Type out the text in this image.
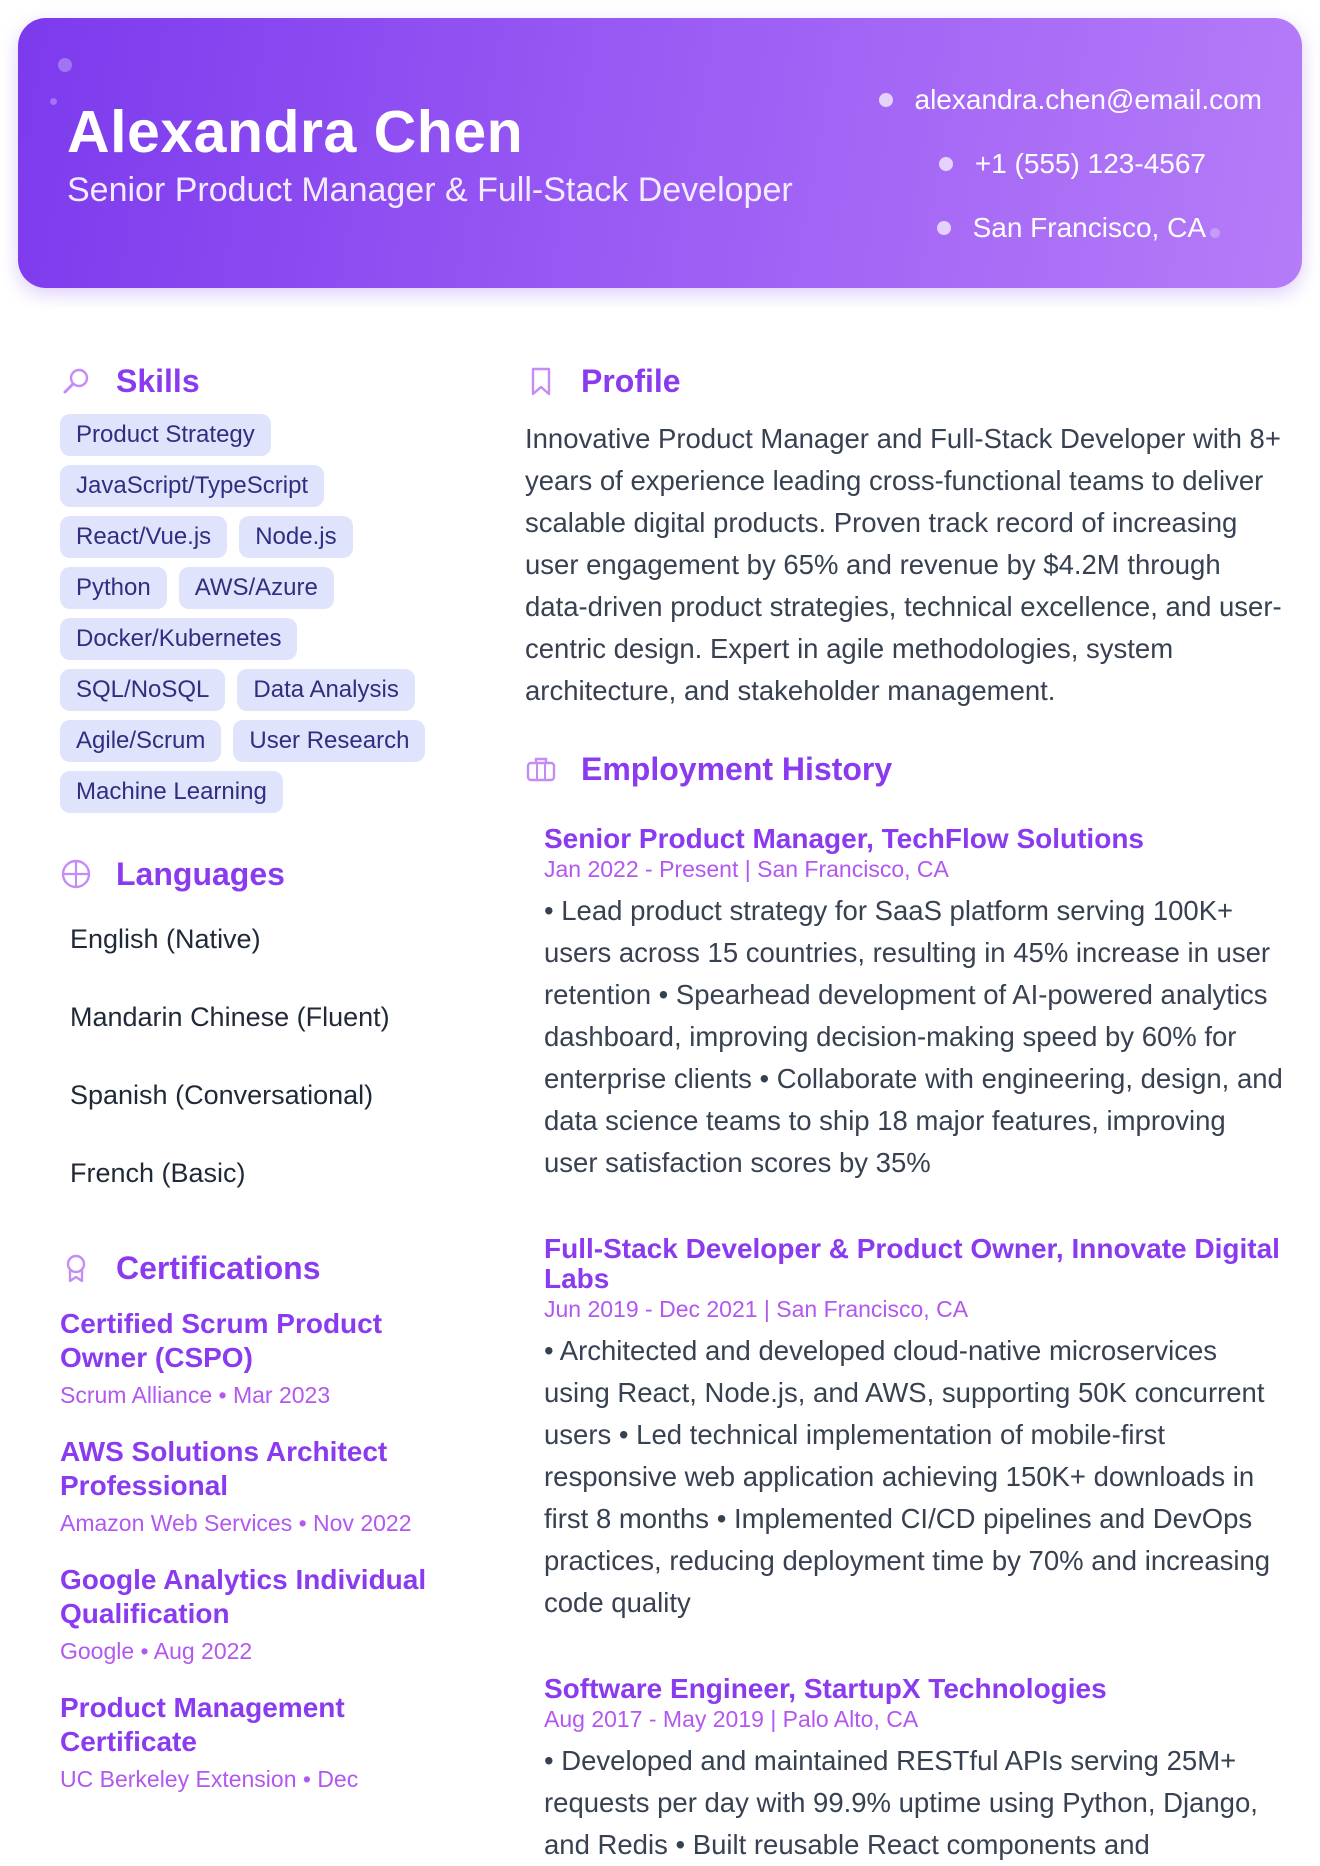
Alexandra Chen
Senior Product Manager & Full-Stack Developer
alexandra.chen@email.com
+1 (555) 123-4567
San Francisco, CA
Skills
Product Strategy
JavaScript/TypeScript
React/Vue.js	Node.js
Python	AWS/Azure
Docker/Kubernetes
SQL/NoSQL	Data Analysis
Agile/Scrum	User Research
Machine Learning
Languages
English (Native)
Mandarin Chinese (Fluent)
Spanish (Conversational)
French (Basic)
Certifications
Certified Scrum Product Owner (CSPO)
Scrum Alliance • Mar 2023
AWS Solutions Architect Professional
Amazon Web Services • Nov 2022
Google Analytics Individual Qualification
Google • Aug 2022
Product Management Certificate
UC Berkeley Extension • Dec
Profile
Innovative Product Manager and Full-Stack Developer with 8+ years of experience leading cross-functional teams to deliver scalable digital products. Proven track record of increasing user engagement by 65% and revenue by $4.2M through data-driven product strategies, technical excellence, and user-centric design. Expert in agile methodologies, system architecture, and stakeholder management.
Employment History
Senior Product Manager, TechFlow Solutions
Jan 2022 - Present | San Francisco, CA
• Lead product strategy for SaaS platform serving 100K+ users across 15 countries, resulting in 45% increase in user retention • Spearhead development of AI-powered analytics dashboard, improving decision-making speed by 60% for enterprise clients • Collaborate with engineering, design, and data science teams to ship 18 major features, improving user satisfaction scores by 35%
Full-Stack Developer & Product Owner, Innovate Digital Labs
Jun 2019 - Dec 2021 | San Francisco, CA
• Architected and developed cloud-native microservices using React, Node.js, and AWS, supporting 50K concurrent users • Led technical implementation of mobile-first responsive web application achieving 150K+ downloads in first 8 months • Implemented CI/CD pipelines and DevOps practices, reducing deployment time by 70% and increasing code quality
Software Engineer, StartupX Technologies
Aug 2017 - May 2019 | Palo Alto, CA
• Developed and maintained RESTful APIs serving 25M+ requests per day with 99.9% uptime using Python, Django, and Redis • Built reusable React components and
